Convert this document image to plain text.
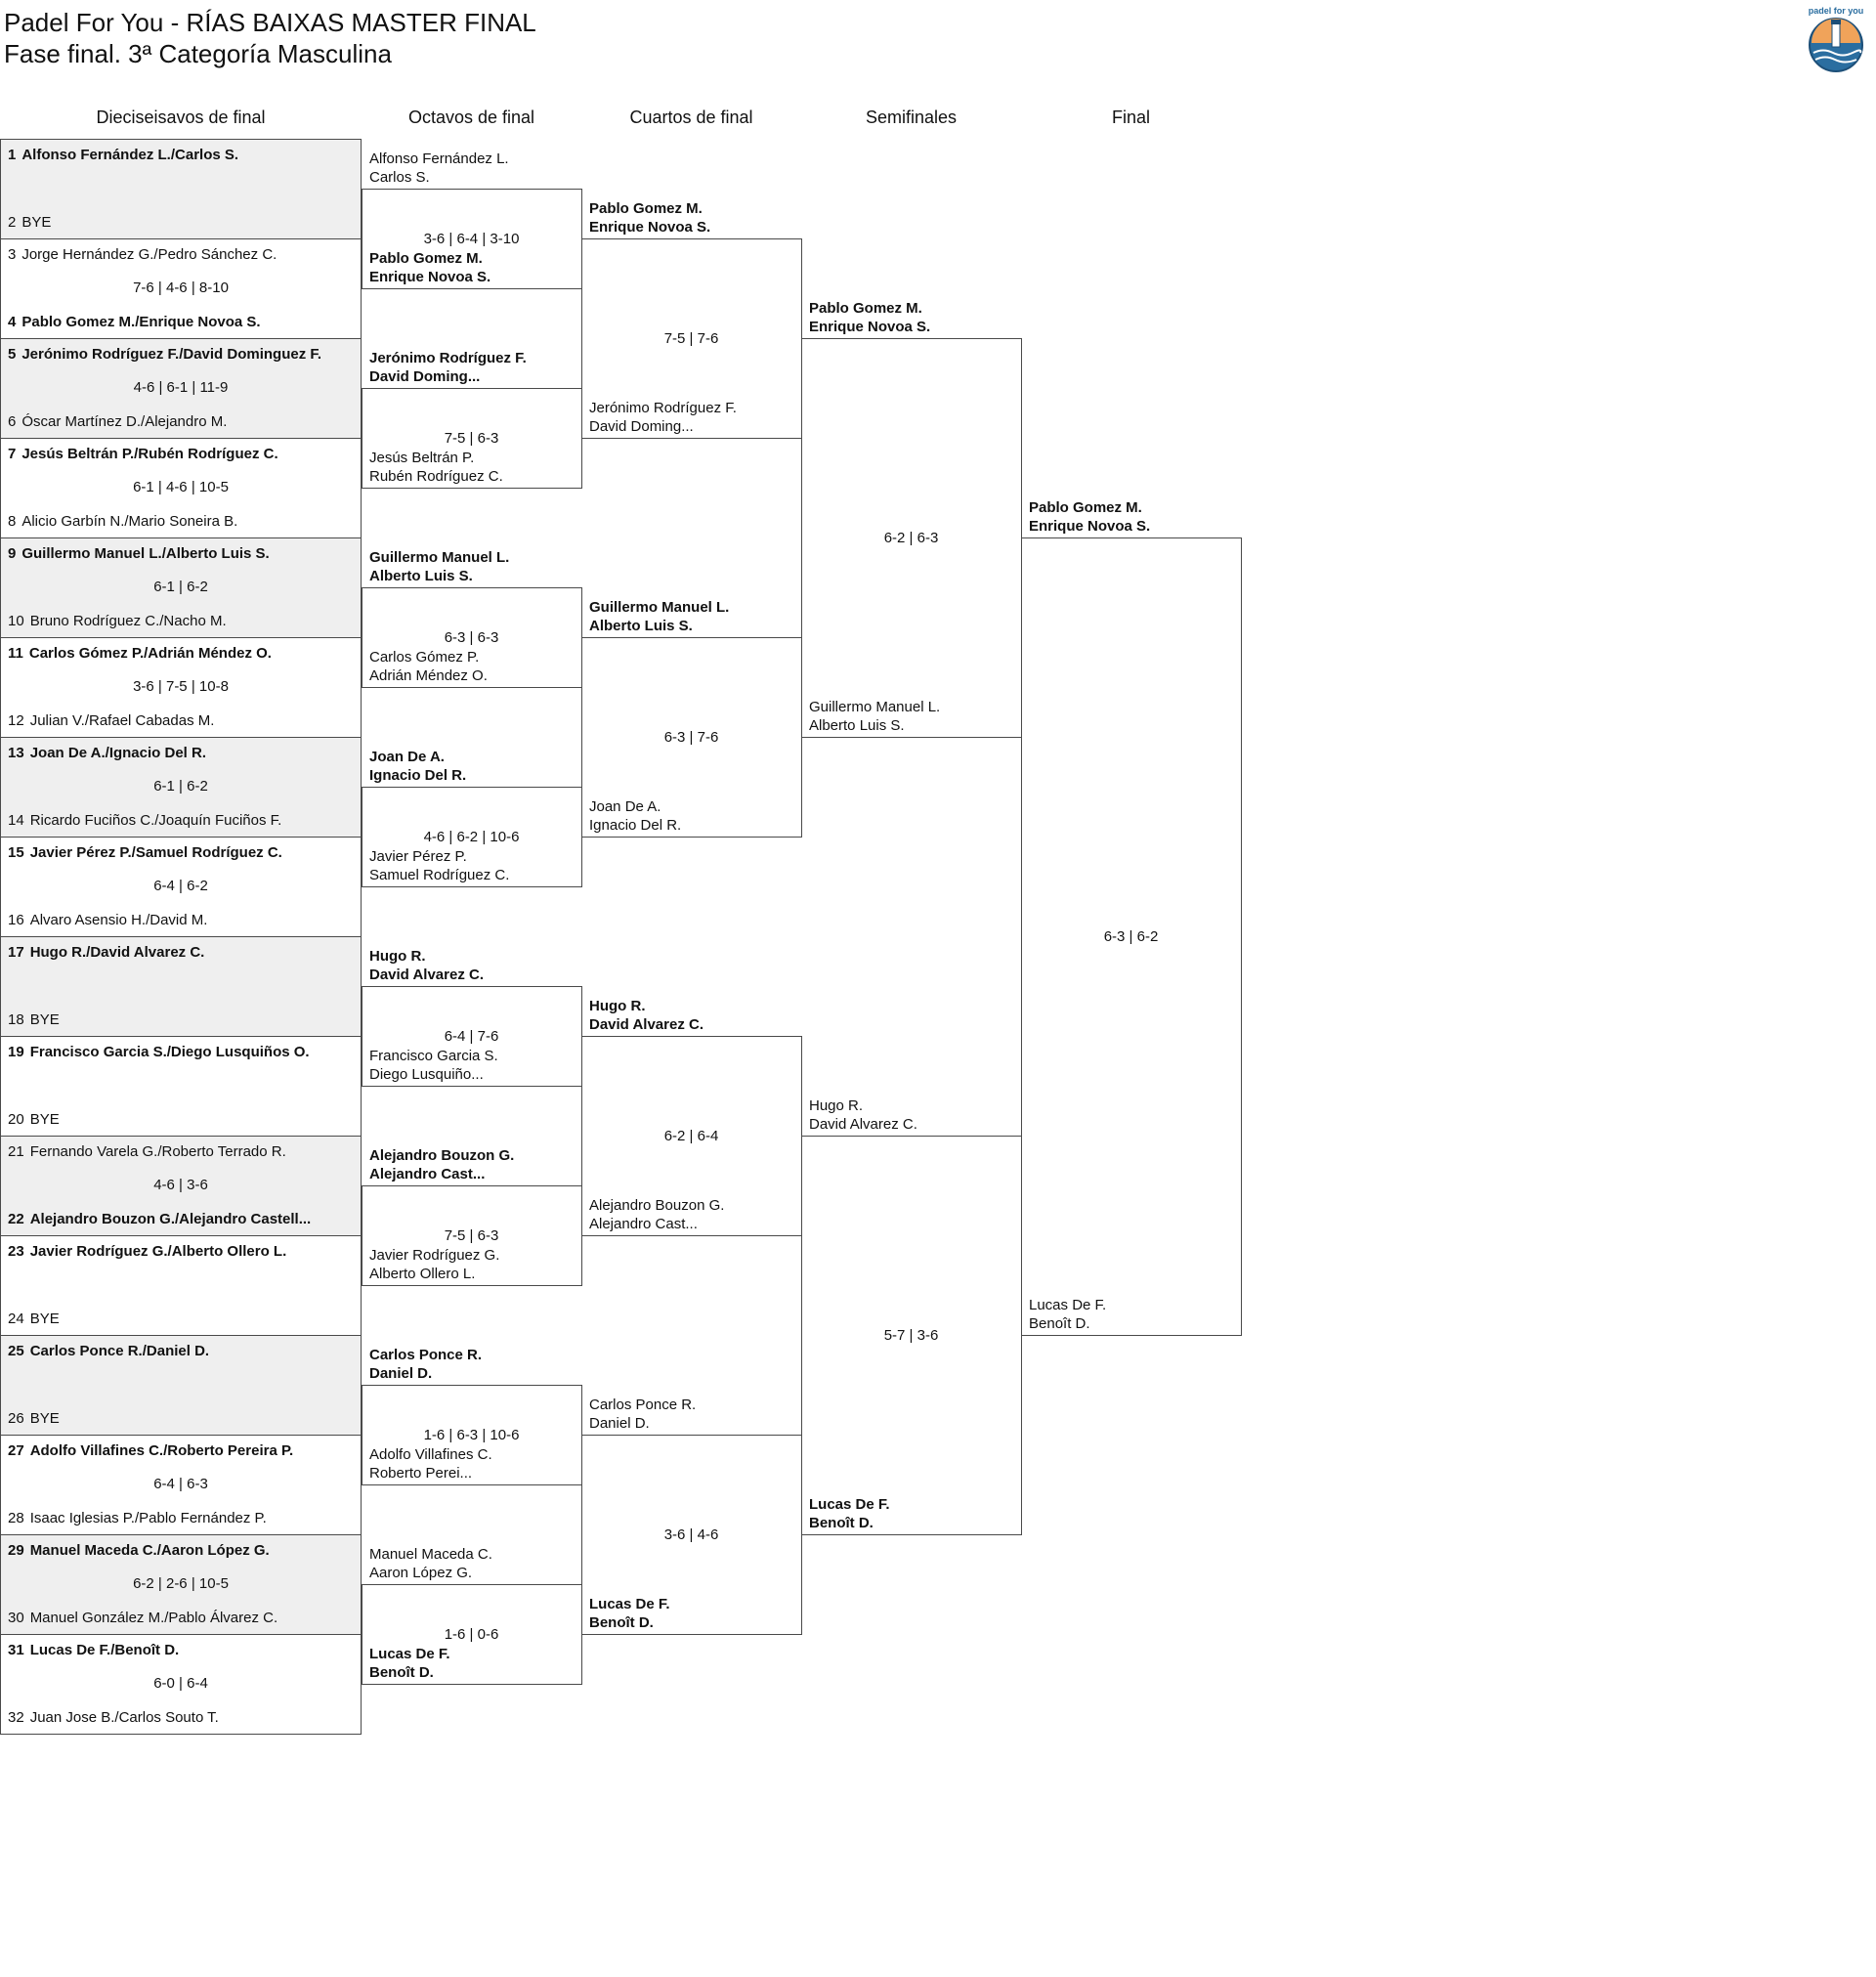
Padel For You - RÍAS BAIXAS MASTER FINAL
Fase final. 3ª Categoría Masculina
padel for you
Dieciseisavos de final	Octavos de final	Cuartos de final	Semifinales	Final
1 Alfonso Fernández L./Carlos S.
2 BYE
3 Jorge Hernández G./Pedro Sánchez C.
7-6 | 4-6 | 8-10
4 Pablo Gomez M./Enrique Novoa S.
5 Jerónimo Rodríguez F./David Dominguez F.
4-6 | 6-1 | 11-9
6 Óscar Martínez D./Alejandro M.
7 Jesús Beltrán P./Rubén Rodríguez C.
6-1 | 4-6 | 10-5
8 Alicio Garbín N./Mario Soneira B.
9 Guillermo Manuel L./Alberto Luis S.
6-1 | 6-2
10 Bruno Rodríguez C./Nacho M.
11 Carlos Gómez P./Adrián Méndez O.
3-6 | 7-5 | 10-8
12 Julian V./Rafael Cabadas M.
13 Joan De A./Ignacio Del R.
6-1 | 6-2
14 Ricardo Fuciños C./Joaquín Fuciños F.
15 Javier Pérez P./Samuel Rodríguez C.
6-4 | 6-2
16 Alvaro Asensio H./David M.
17 Hugo R./David Alvarez C.
18 BYE
19 Francisco Garcia S./Diego Lusquiños O.
20 BYE
21 Fernando Varela G./Roberto Terrado R.
4-6 | 3-6
22 Alejandro Bouzon G./Alejandro Castell...
23 Javier Rodríguez G./Alberto Ollero L.
24 BYE
25 Carlos Ponce R./Daniel D.
26 BYE
27 Adolfo Villafines C./Roberto Pereira P.
6-4 | 6-3
28 Isaac Iglesias P./Pablo Fernández P.
29 Manuel Maceda C./Aaron López G.
6-2 | 2-6 | 10-5
30 Manuel González M./Pablo Álvarez C.
31 Lucas De F./Benoît D.
6-0 | 6-4
32 Juan Jose B./Carlos Souto T.
Alfonso Fernández L.
Carlos S.
Pablo Gomez M.
Enrique Novoa S.
3-6 | 6-4 | 3-10
Jerónimo Rodríguez F.
David Doming...
Jesús Beltrán P.
Rubén Rodríguez C.
7-5 | 6-3
Guillermo Manuel L.
Alberto Luis S.
Carlos Gómez P.
Adrián Méndez O.
6-3 | 6-3
Joan De A.
Ignacio Del R.
Javier Pérez P.
Samuel Rodríguez C.
4-6 | 6-2 | 10-6
Hugo R.
David Alvarez C.
Francisco Garcia S.
Diego Lusquiño...
6-4 | 7-6
Alejandro Bouzon G.
Alejandro Cast...
Javier Rodríguez G.
Alberto Ollero L.
7-5 | 6-3
Carlos Ponce R.
Daniel D.
Adolfo Villafines C.
Roberto Perei...
1-6 | 6-3 | 10-6
Manuel Maceda C.
Aaron López G.
Lucas De F.
Benoît D.
1-6 | 0-6
Pablo Gomez M.
Enrique Novoa S.
Jerónimo Rodríguez F.
David Doming...
7-5 | 7-6
Guillermo Manuel L.
Alberto Luis S.
Joan De A.
Ignacio Del R.
6-3 | 7-6
Hugo R.
David Alvarez C.
Alejandro Bouzon G.
Alejandro Cast...
6-2 | 6-4
Carlos Ponce R.
Daniel D.
Lucas De F.
Benoît D.
3-6 | 4-6
Pablo Gomez M.
Enrique Novoa S.
Guillermo Manuel L.
Alberto Luis S.
6-2 | 6-3
Hugo R.
David Alvarez C.
Lucas De F.
Benoît D.
5-7 | 3-6
Pablo Gomez M.
Enrique Novoa S.
Lucas De F.
Benoît D.
6-3 | 6-2
